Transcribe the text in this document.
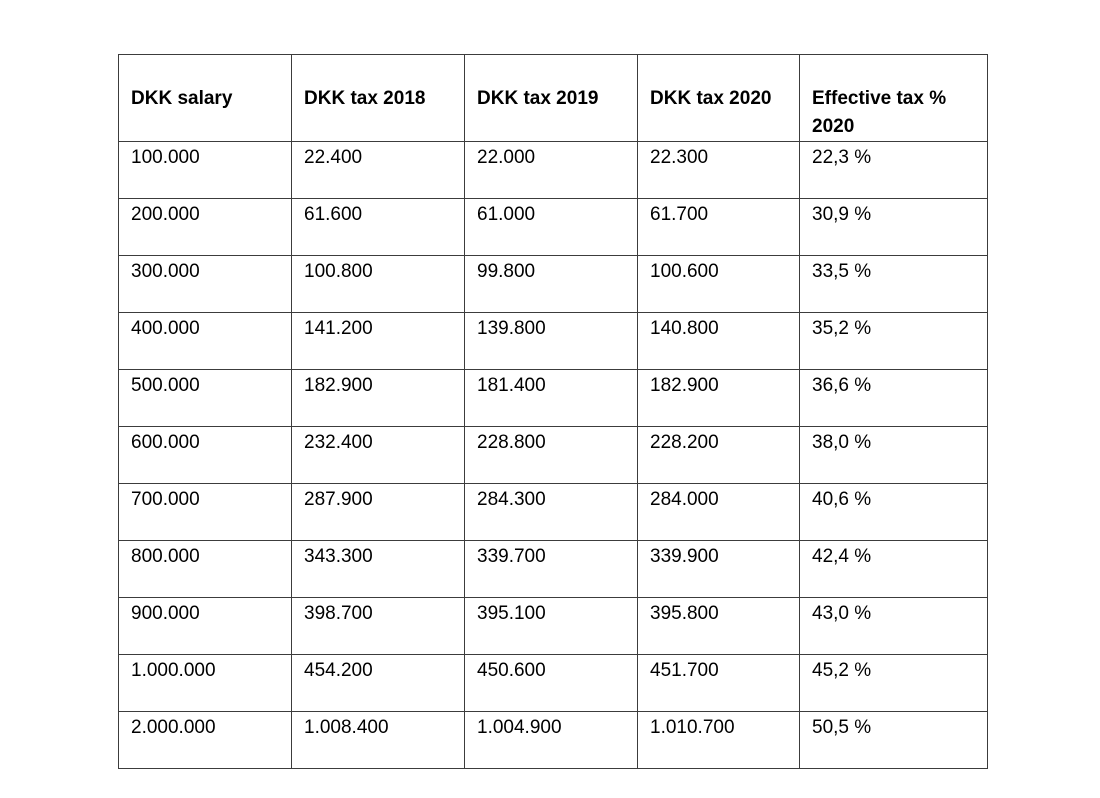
DKK salary	DKK tax 2018	DKK tax 2019	DKK tax 2020	Effective tax % 2020
100.000	22.400	22.000	22.300	22,3 %
200.000	61.600	61.000	61.700	30,9 %
300.000	100.800	99.800	100.600	33,5 %
400.000	141.200	139.800	140.800	35,2 %
500.000	182.900	181.400	182.900	36,6 %
600.000	232.400	228.800	228.200	38,0 %
700.000	287.900	284.300	284.000	40,6 %
800.000	343.300	339.700	339.900	42,4 %
900.000	398.700	395.100	395.800	43,0 %
1.000.000	454.200	450.600	451.700	45,2 %
2.000.000	1.008.400	1.004.900	1.010.700	50,5 %
